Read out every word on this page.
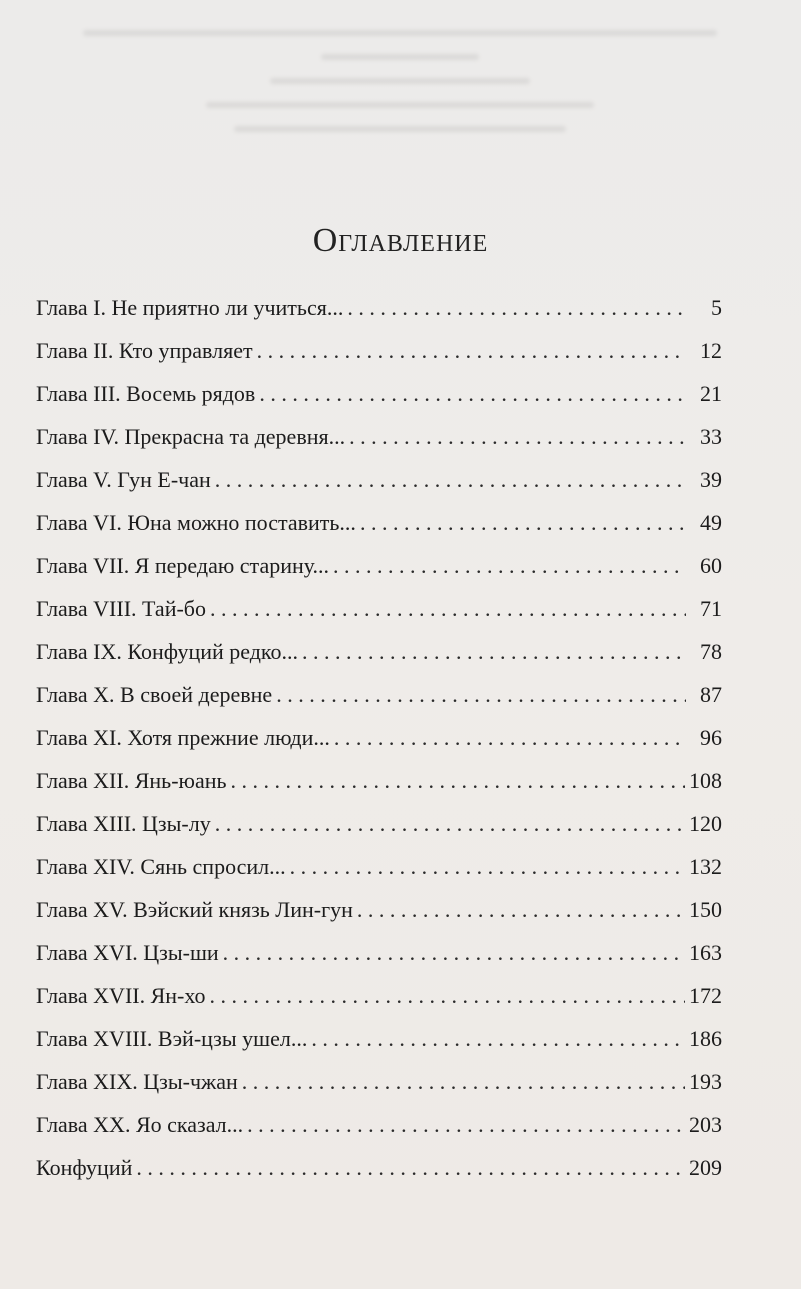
Оглавление
Глава I. Не приятно ли учиться... . . .	5
Глава II. Кто управляет . . .	12
Глава III. Восемь рядов . . .	21
Глава IV. Прекрасна та деревня... . . .	33
Глава V. Гун Е-чан . . .	39
Глава VI. Юна можно поставить... . . .	49
Глава VII. Я передаю старину... . . .	60
Глава VIII. Тай-бо . . .	71
Глава IX. Конфуций редко... . . .	78
Глава X. В своей деревне . . .	87
Глава XI. Хотя прежние люди... . . .	96
Глава XII. Янь-юань . . .	108
Глава XIII. Цзы-лу . . .	120
Глава XIV. Сянь спросил... . . .	132
Глава XV. Вэйский князь Лин-гун . . .	150
Глава XVI. Цзы-ши . . .	163
Глава XVII. Ян-хо . . .	172
Глава XVIII. Вэй-цзы ушел... . . .	186
Глава XIX. Цзы-чжан . . .	193
Глава XX. Яо сказал... . . .	203
Конфуций . . .	209
